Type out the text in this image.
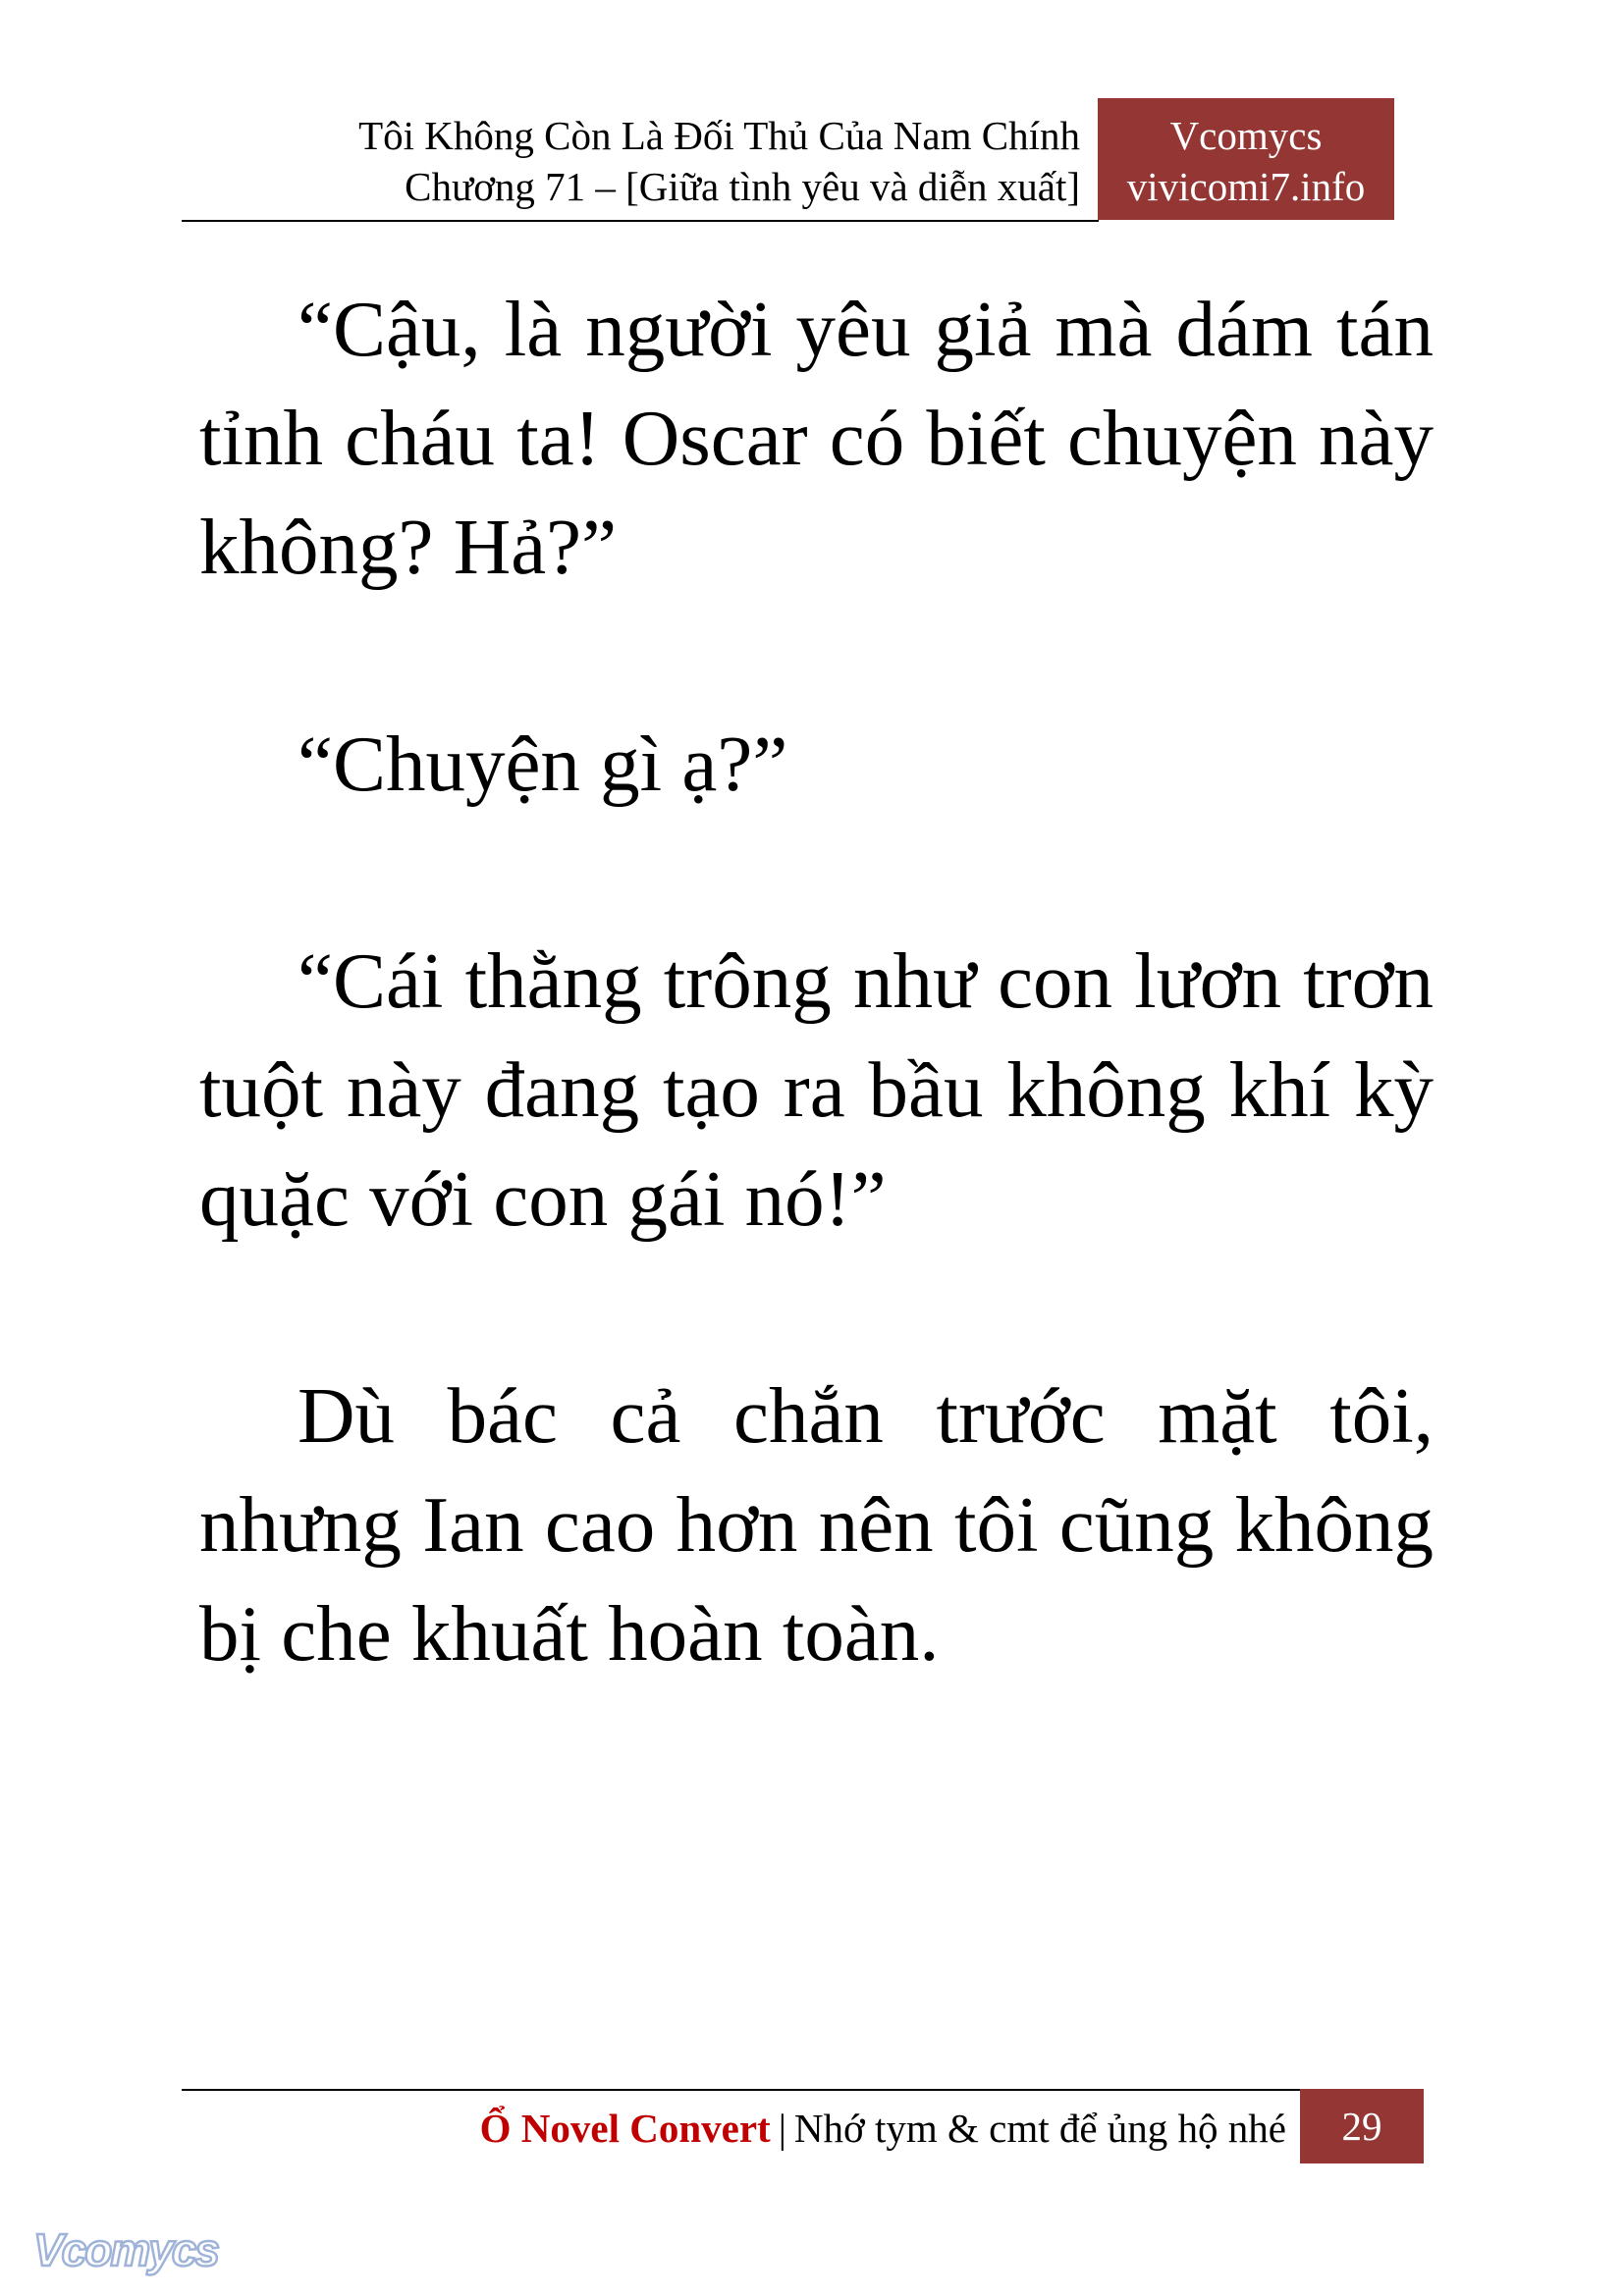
Tôi Không Còn Là Đối Thủ Của Nam Chính
Chương 71 – [Giữa tình yêu và diễn xuất]
Vcomycs
vivicomi7.info

“Cậu, là người yêu giả mà dám tán tỉnh cháu ta! Oscar có biết chuyện này không? Hả?”

“Chuyện gì ạ?”

“Cái thằng trông như con lươn trơn tuột này đang tạo ra bầu không khí kỳ quặc với con gái nó!”

Dù bác cả chắn trước mặt tôi, nhưng Ian cao hơn nên tôi cũng không bị che khuất hoàn toàn.

Ổ Novel Convert | Nhớ tym & cmt để ủng hộ nhé	29
Vcomycs
